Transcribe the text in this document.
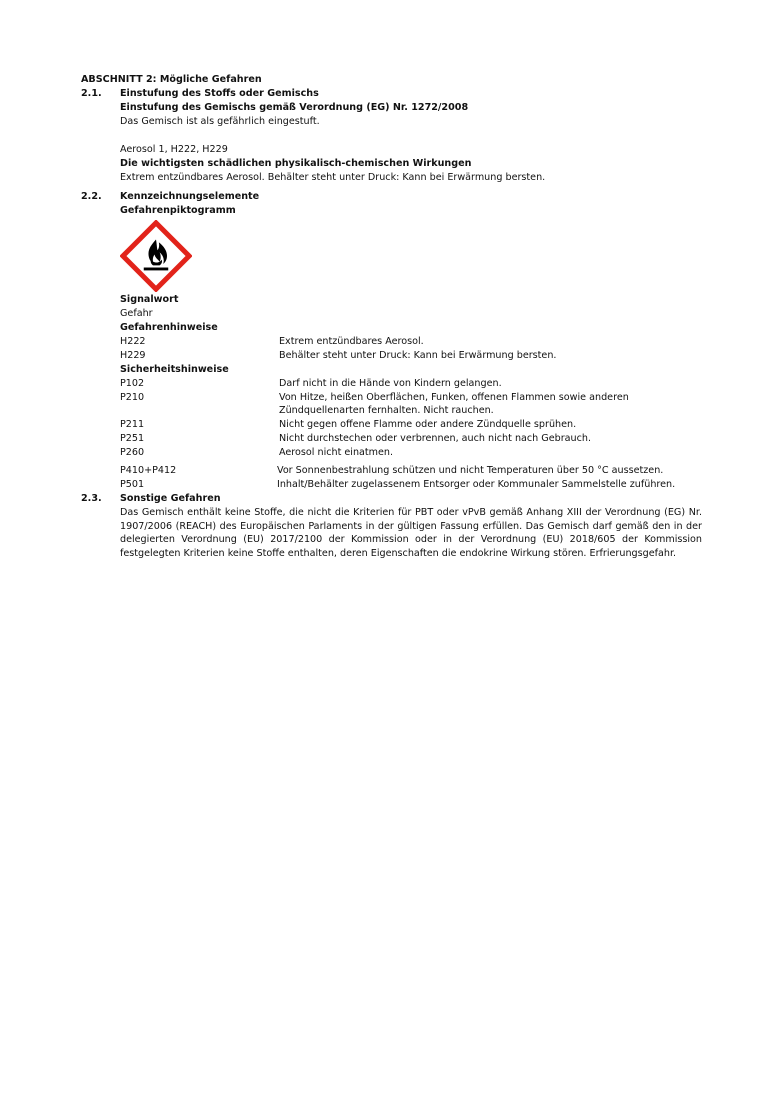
ABSCHNITT 2: Mögliche Gefahren
2.1. Einstufung des Stoffs oder Gemischs
Einstufung des Gemischs gemäß Verordnung (EG) Nr. 1272/2008
Das Gemisch ist als gefährlich eingestuft.
Aerosol 1, H222, H229
Die wichtigsten schädlichen physikalisch-chemischen Wirkungen
Extrem entzündbares Aerosol. Behälter steht unter Druck: Kann bei Erwärmung bersten.
2.2. Kennzeichnungselemente
Gefahrenpiktogramm
Signalwort
Gefahr
Gefahrenhinweise
H222	Extrem entzündbares Aerosol.
H229	Behälter steht unter Druck: Kann bei Erwärmung bersten.
Sicherheitshinweise
P102	Darf nicht in die Hände von Kindern gelangen.
P210	Von Hitze, heißen Oberflächen, Funken, offenen Flammen sowie anderen
Zündquellenarten fernhalten. Nicht rauchen.
P211	Nicht gegen offene Flamme oder andere Zündquelle sprühen.
P251	Nicht durchstechen oder verbrennen, auch nicht nach Gebrauch.
P260	Aerosol nicht einatmen.
P410+P412	Vor Sonnenbestrahlung schützen und nicht Temperaturen über 50 °C aussetzen.
P501	Inhalt/Behälter zugelassenem Entsorger oder Kommunaler Sammelstelle zuführen.
2.3. Sonstige Gefahren
Das Gemisch enthält keine Stoffe, die nicht die Kriterien für PBT oder vPvB gemäß Anhang XIII der Verordnung (EG) Nr. 1907/2006 (REACH) des Europäischen Parlaments in der gültigen Fassung erfüllen. Das Gemisch darf gemäß den in der delegierten Verordnung (EU) 2017/2100 der Kommission oder in der Verordnung (EU) 2018/605 der Kommission festgelegten Kriterien keine Stoffe enthalten, deren Eigenschaften die endokrine Wirkung stören. Erfrierungsgefahr.
